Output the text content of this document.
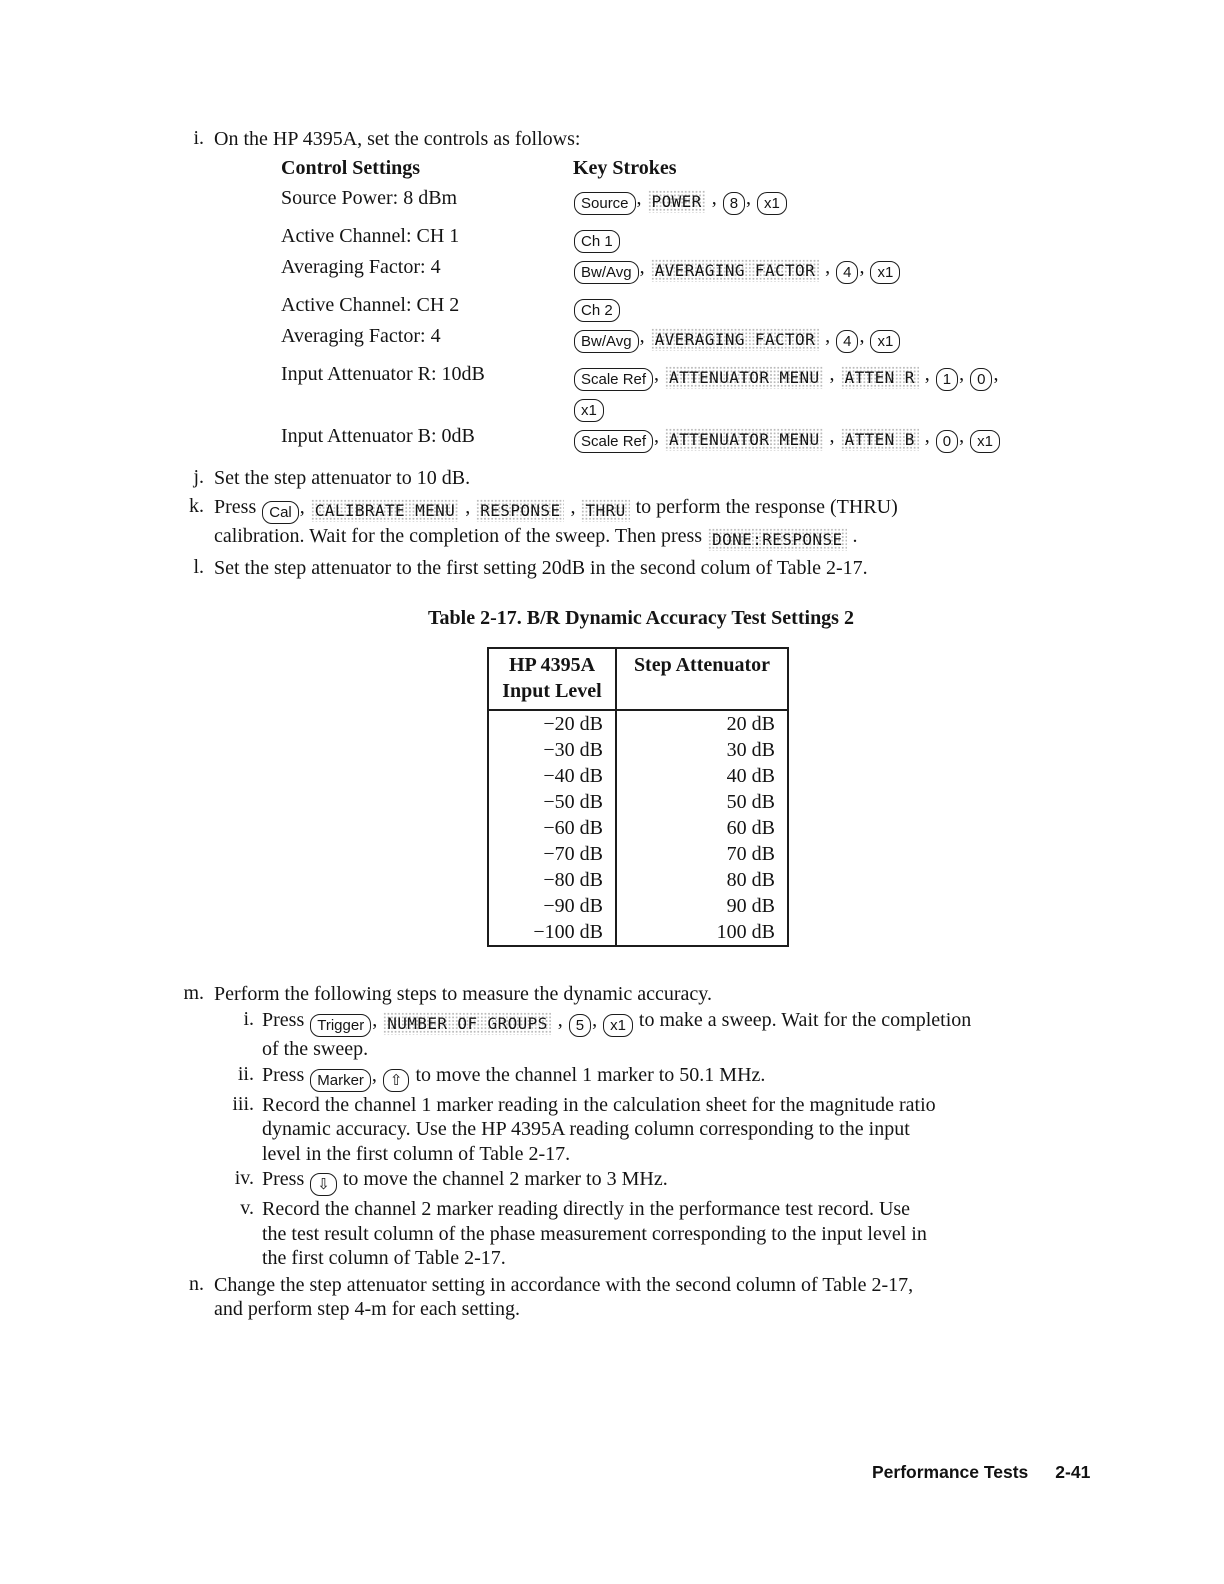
i. On the HP 4395A, set the controls as follows:
Control Settings	Key Strokes
Source Power: 8 dBm	Source , POWER , 8 , x1
Active Channel: CH 1	Ch 1
Averaging Factor: 4	Bw/Avg , AVERAGING FACTOR , 4 , x1
Active Channel: CH 2	Ch 2
Averaging Factor: 4	Bw/Avg , AVERAGING FACTOR , 4 , x1
Input Attenuator R: 10dB	Scale Ref , ATTENUATOR MENU , ATTEN R , 1 , 0 ,
x1
Input Attenuator B: 0dB	Scale Ref , ATTENUATOR MENU , ATTEN B , 0 , x1
j. Set the step attenuator to 10 dB.
k. Press Cal , CALIBRATE MENU , RESPONSE , THRU to perform the response (THRU)
calibration. Wait for the completion of the sweep. Then press DONE:RESPONSE .
l. Set the step attenuator to the first setting 20dB in the second colum of Table 2-17.
Table 2-17. B/R Dynamic Accuracy Test Settings 2
HP 4395A
Input Level	Step Attenuator

−20 dB	20 dB
−30 dB	30 dB
−40 dB	40 dB
−50 dB	50 dB
−60 dB	60 dB
−70 dB	70 dB
−80 dB	80 dB
−90 dB	90 dB
−100 dB	100 dB
m. Perform the following steps to measure the dynamic accuracy.
i. Press Trigger , NUMBER OF GROUPS , 5 , x1 to make a sweep. Wait for the completion
of the sweep.
ii. Press Marker , ⇧ to move the channel 1 marker to 50.1 MHz.
iii. Record the channel 1 marker reading in the calculation sheet for the magnitude ratio
dynamic accuracy. Use the HP 4395A reading column corresponding to the input
level in the first column of Table 2-17.
iv. Press ⇩ to move the channel 2 marker to 3 MHz.
v. Record the channel 2 marker reading directly in the performance test record. Use
the test result column of the phase measurement corresponding to the input level in
the first column of Table 2-17.
n. Change the step attenuator setting in accordance with the second column of Table 2-17,
and perform step 4-m for each setting.
Performance Tests 2-41
